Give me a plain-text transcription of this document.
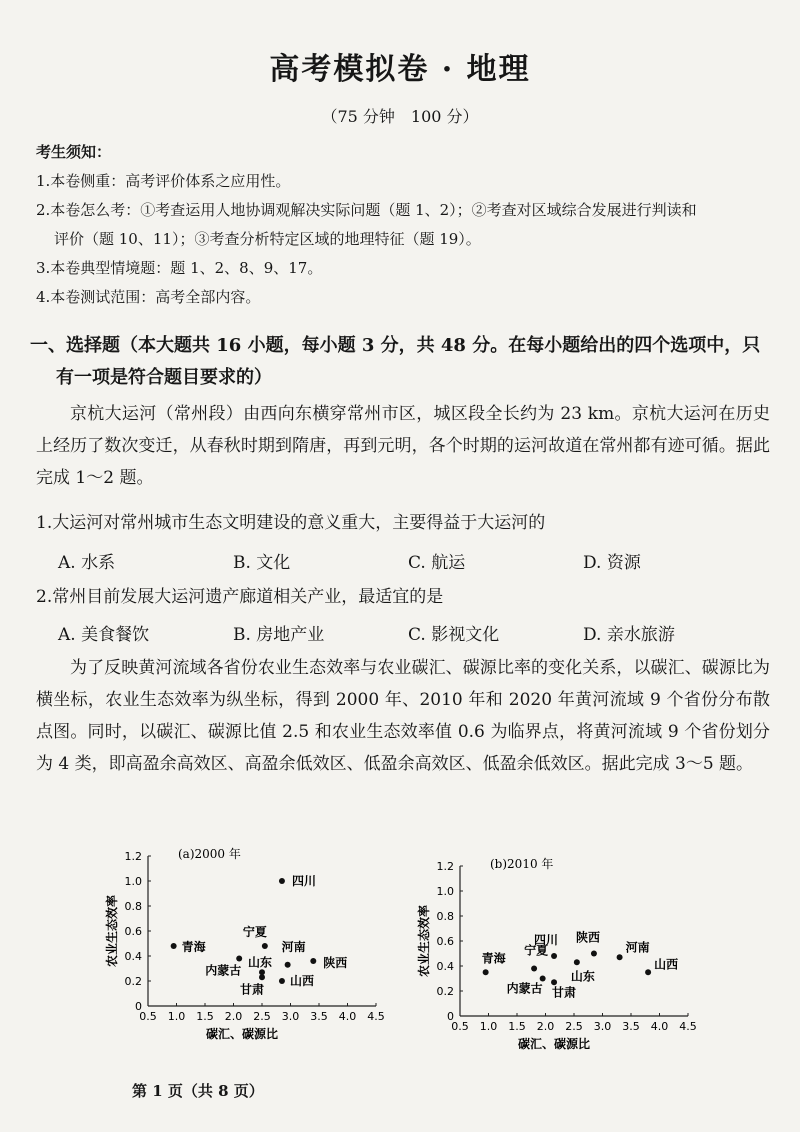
高考模拟卷 · 地理
（75 分钟　100 分）
考生须知：
1.本卷侧重：高考评价体系之应用性。
2.本卷怎么考：①考查运用人地协调观解决实际问题（题 1、2）；②考查对区域综合发展进行判读和
评价（题 10、11）；③考查分析特定区域的地理特征（题 19）。
3.本卷典型情境题：题 1、2、8、9、17。
4.本卷测试范围：高考全部内容。
一、选择题（本大题共 16 小题，每小题 3 分，共 48 分。在每小题给出的四个选项中，只
有一项是符合题目要求的）
京杭大运河（常州段）由西向东横穿常州市区，城区段全长约为 23 km。京杭大运河在历史上经历了数次变迁，从春秋时期到隋唐，再到元明，各个时期的运河故道在常州都有迹可循。据此完成 1～2 题。
1.大运河对常州城市生态文明建设的意义重大，主要得益于大运河的
A. 水系	B. 文化	C. 航运	D. 资源
2.常州目前发展大运河遗产廊道相关产业，最适宜的是
A. 美食餐饮	B. 房地产业	C. 影视文化	D. 亲水旅游
为了反映黄河流域各省份农业生态效率与农业碳汇、碳源比率的变化关系，以碳汇、碳源比为横坐标，农业生态效率为纵坐标，得到 2000 年、2010 年和 2020 年黄河流域 9 个省份分布散点图。同时，以碳汇、碳源比值 2.5 和农业生态效率值 0.6 为临界点，将黄河流域 9 个省份划分为 4 类，即高盈余高效区、高盈余低效区、低盈余高效区、低盈余低效区。据此完成 3～5 题。
(a)2000 年
0.5 1.0 1.5 2.0 2.5 3.0 3.5 4.0 4.5
0
0.2
0.4
0.6
0.8
1.0
1.2
碳汇、碳源比
农业生态效率
四川
青海
宁夏
河南
内蒙古
山东	陕西
甘肃
山西
(b)2010 年
0.5 1.0 1.5 2.0 2.5 3.0 3.5 4.0 4.5
0
0.2
0.4
0.6
0.8
1.0
1.2
碳汇、碳源比
农业生态效率	青海
宁夏
四川 陕西
河南
山西
内蒙古 甘肃
山东
第 1 页（共 8 页）
